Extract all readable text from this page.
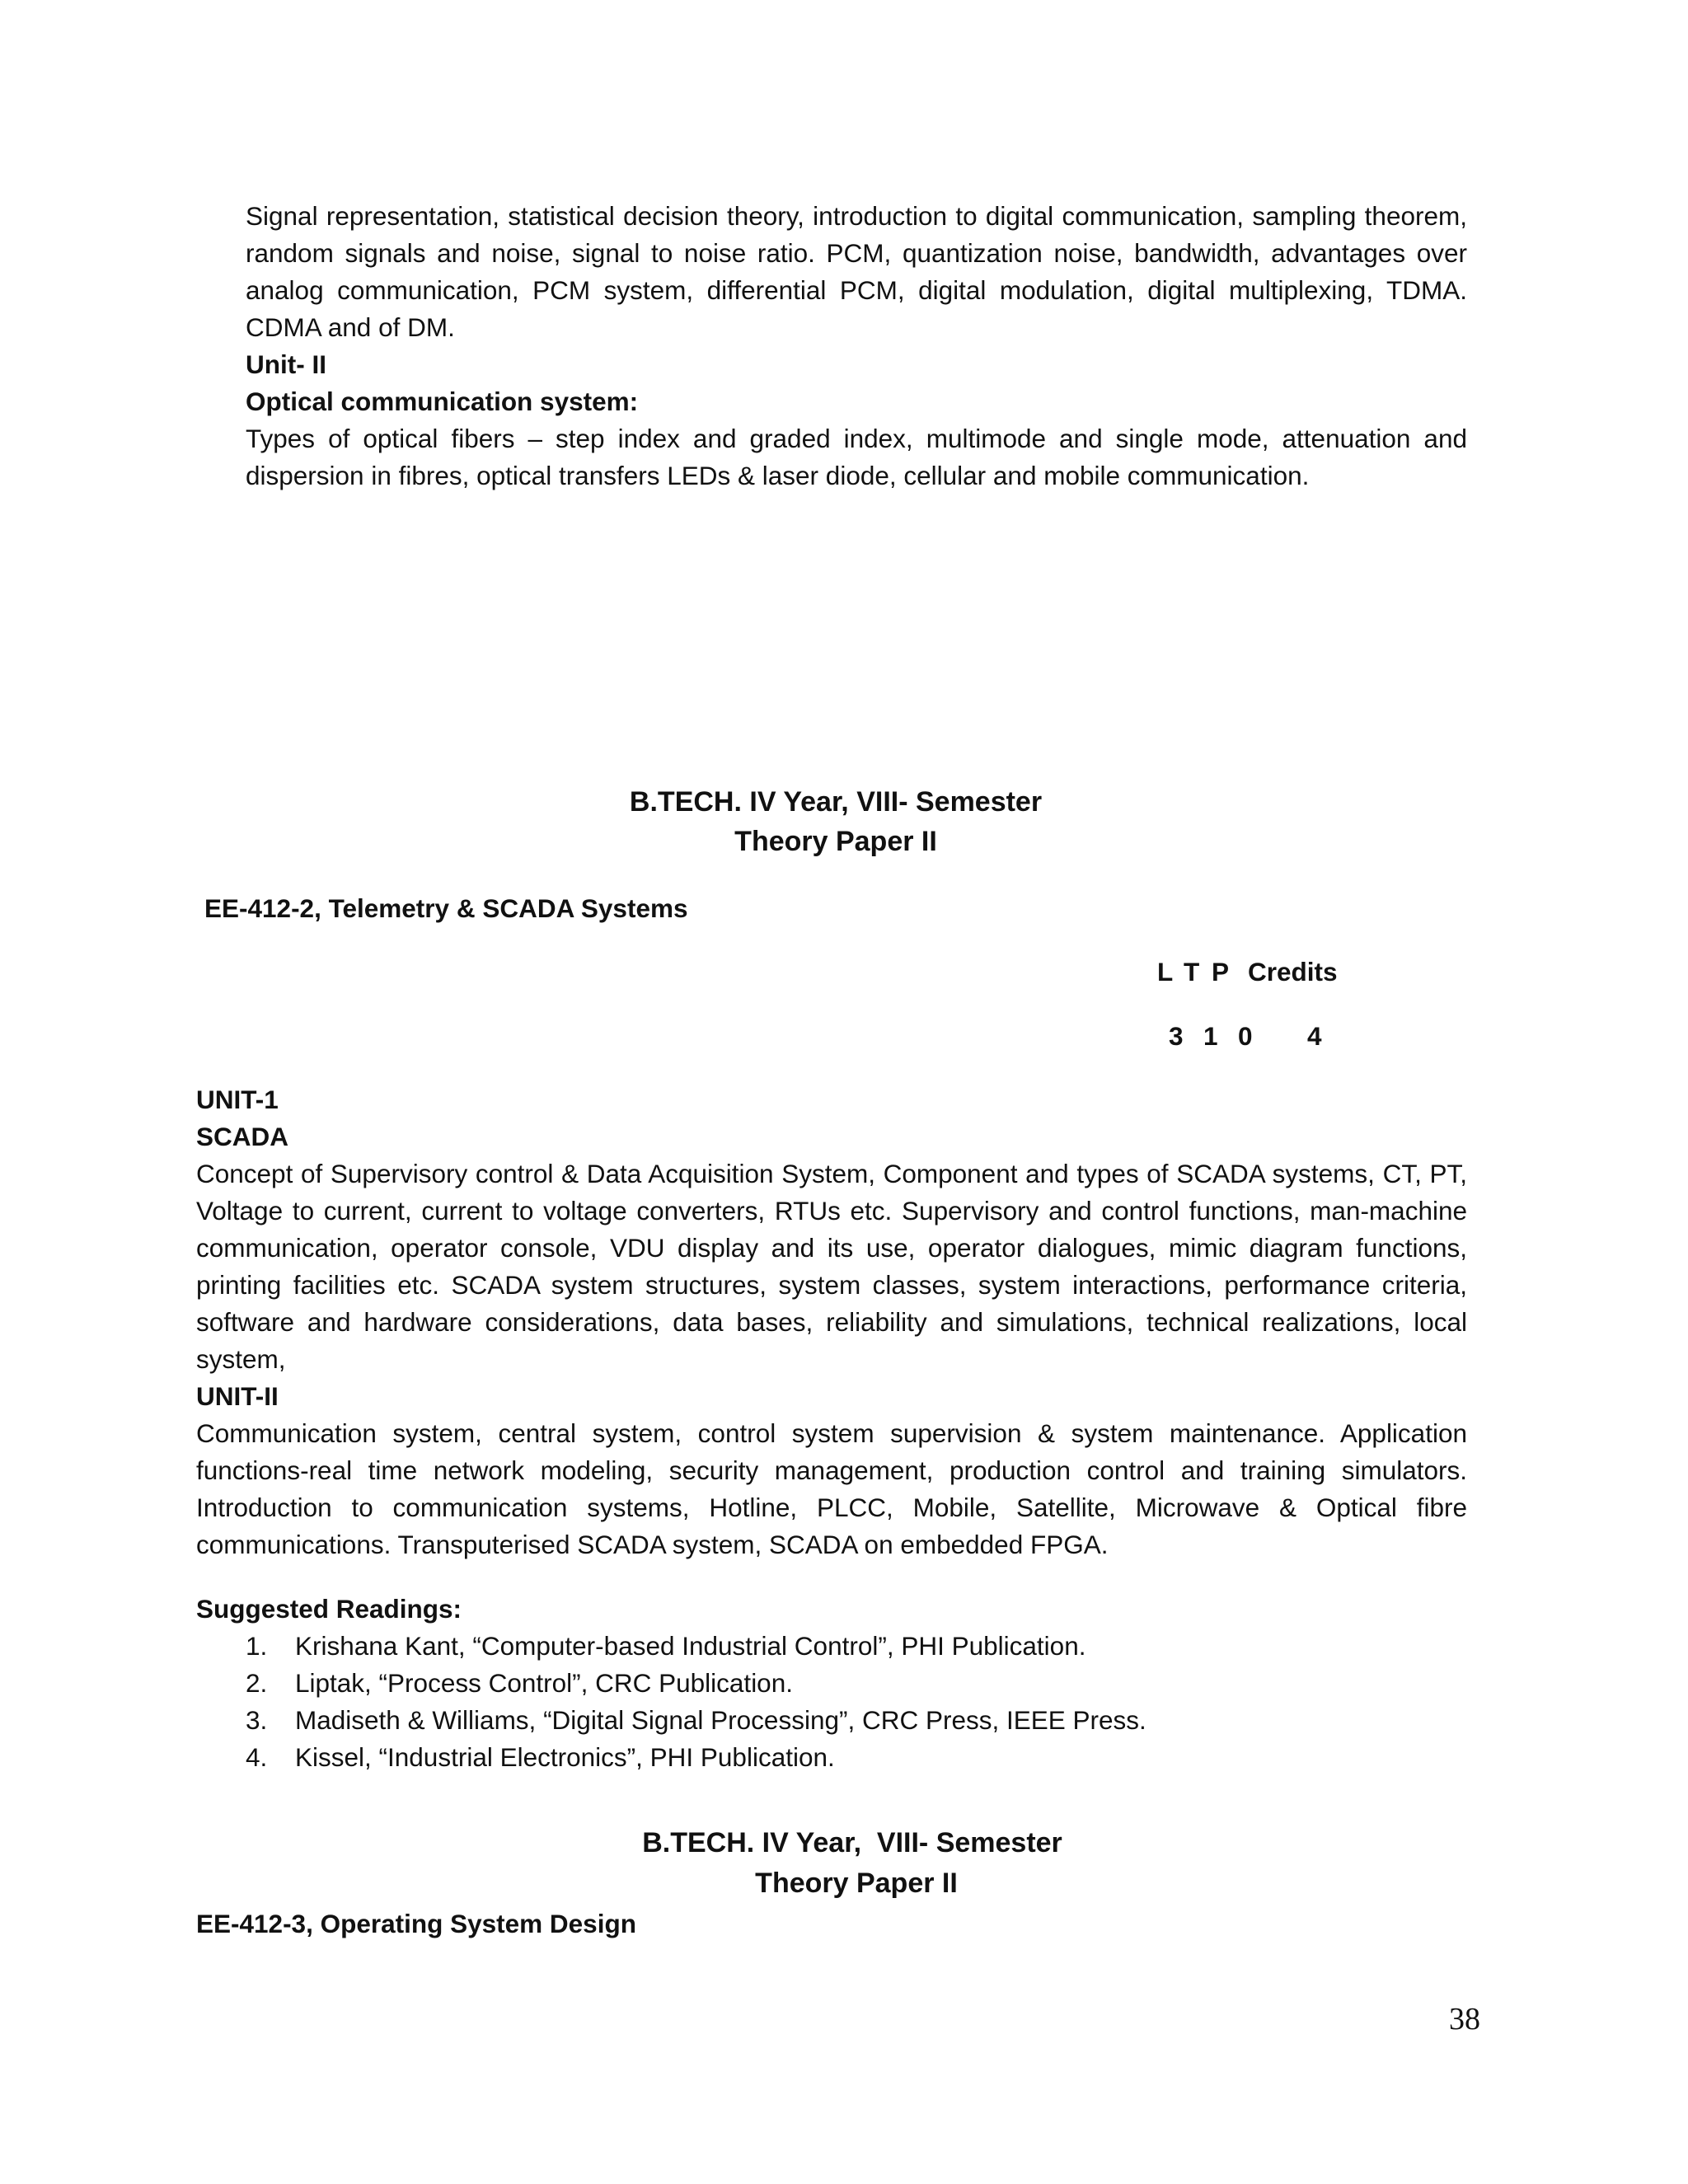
Signal representation, statistical decision theory, introduction to digital communication, sampling theorem, random signals and noise, signal to noise ratio. PCM, quantization noise, bandwidth, advantages over analog communication, PCM system, differential PCM, digital modulation, digital multiplexing, TDMA. CDMA and of DM.

Unit- II

Optical communication system:

Types of optical fibers – step index and graded index, multimode and single mode, attenuation and dispersion in fibres, optical transfers LEDs & laser diode, cellular and mobile communication.

B.TECH. IV Year, VIII- Semester
Theory Paper II
EE-412-2, Telemetry & SCADA Systems
L T P Credits
3 1 0 4

UNIT-1

SCADA

Concept of Supervisory control & Data Acquisition System, Component and types of SCADA systems, CT, PT, Voltage to current, current to voltage converters, RTUs etc. Supervisory and control functions, man-machine communication, operator console, VDU display and its use, operator dialogues, mimic diagram functions, printing facilities etc. SCADA system structures, system classes, system interactions, performance criteria, software and hardware considerations, data bases, reliability and simulations, technical realizations, local system,

UNIT-II

Communication system, central system, control system supervision & system maintenance. Application functions-real time network modeling, security management, production control and training simulators. Introduction to communication systems, Hotline, PLCC, Mobile, Satellite, Microwave & Optical fibre communications. Transputerised SCADA system, SCADA on embedded FPGA.

Suggested Readings:
1. Krishana Kant, “Computer-based Industrial Control”, PHI Publication.
2. Liptak, “Process Control”, CRC Publication.
3. Madiseth & Williams, “Digital Signal Processing”, CRC Press, IEEE Press.
4. Kissel, “Industrial Electronics”, PHI Publication.
B.TECH. IV Year,  VIII- Semester
Theory Paper II
EE-412-3, Operating System Design
38
